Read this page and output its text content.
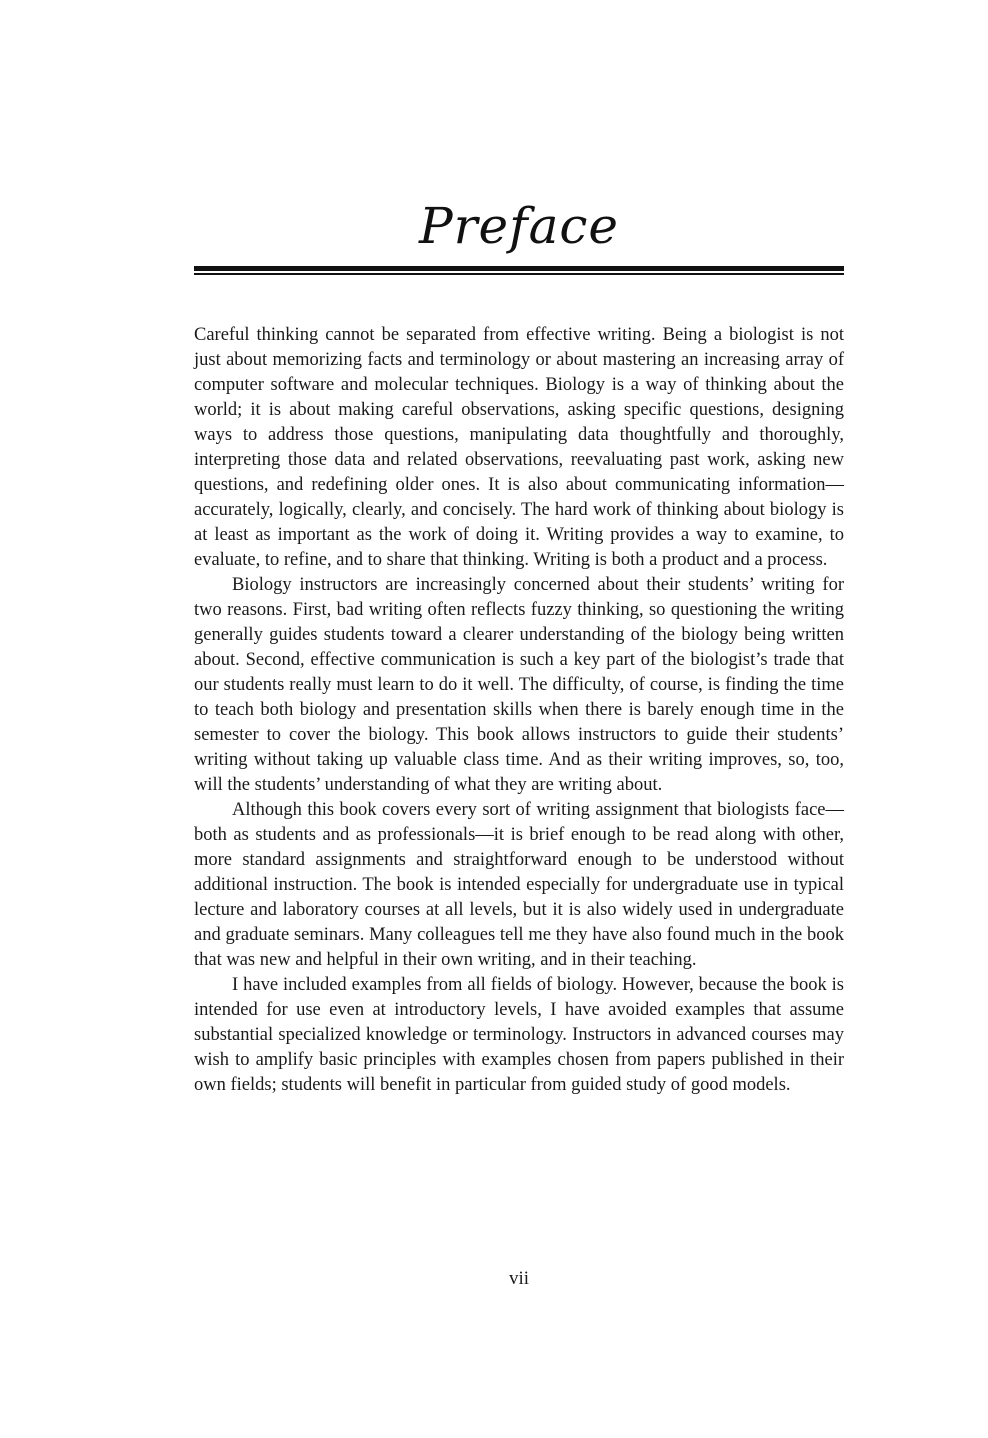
Preface

Careful thinking cannot be separated from effective writing. Being a biologist is not just about memorizing facts and terminology or about mastering an increasing array of computer software and molecular techniques. Biology is a way of thinking about the world; it is about making careful observations, asking specific questions, designing ways to address those questions, manipulating data thoughtfully and thoroughly, interpreting those data and related observations, reevaluating past work, asking new questions, and redefining older ones. It is also about communicating information—accurately, logically, clearly, and concisely. The hard work of thinking about biology is at least as important as the work of doing it. Writing provides a way to examine, to evaluate, to refine, and to share that thinking. Writing is both a product and a process.

Biology instructors are increasingly concerned about their students’ writing for two reasons. First, bad writing often reflects fuzzy thinking, so questioning the writing generally guides students toward a clearer understanding of the biology being written about. Second, effective communication is such a key part of the biologist’s trade that our students really must learn to do it well. The difficulty, of course, is finding the time to teach both biology and presentation skills when there is barely enough time in the semester to cover the biology. This book allows instructors to guide their students’ writing without taking up valuable class time. And as their writing improves, so, too, will the students’ understanding of what they are writing about.

Although this book covers every sort of writing assignment that biologists face—both as students and as professionals—it is brief enough to be read along with other, more standard assignments and straightforward enough to be understood without additional instruction. The book is intended especially for undergraduate use in typical lecture and laboratory courses at all levels, but it is also widely used in undergraduate and graduate seminars. Many colleagues tell me they have also found much in the book that was new and helpful in their own writing, and in their teaching.

I have included examples from all fields of biology. However, because the book is intended for use even at introductory levels, I have avoided examples that assume substantial specialized knowledge or terminology. Instructors in advanced courses may wish to amplify basic principles with examples chosen from papers published in their own fields; students will benefit in particular from guided study of good models.

vii
